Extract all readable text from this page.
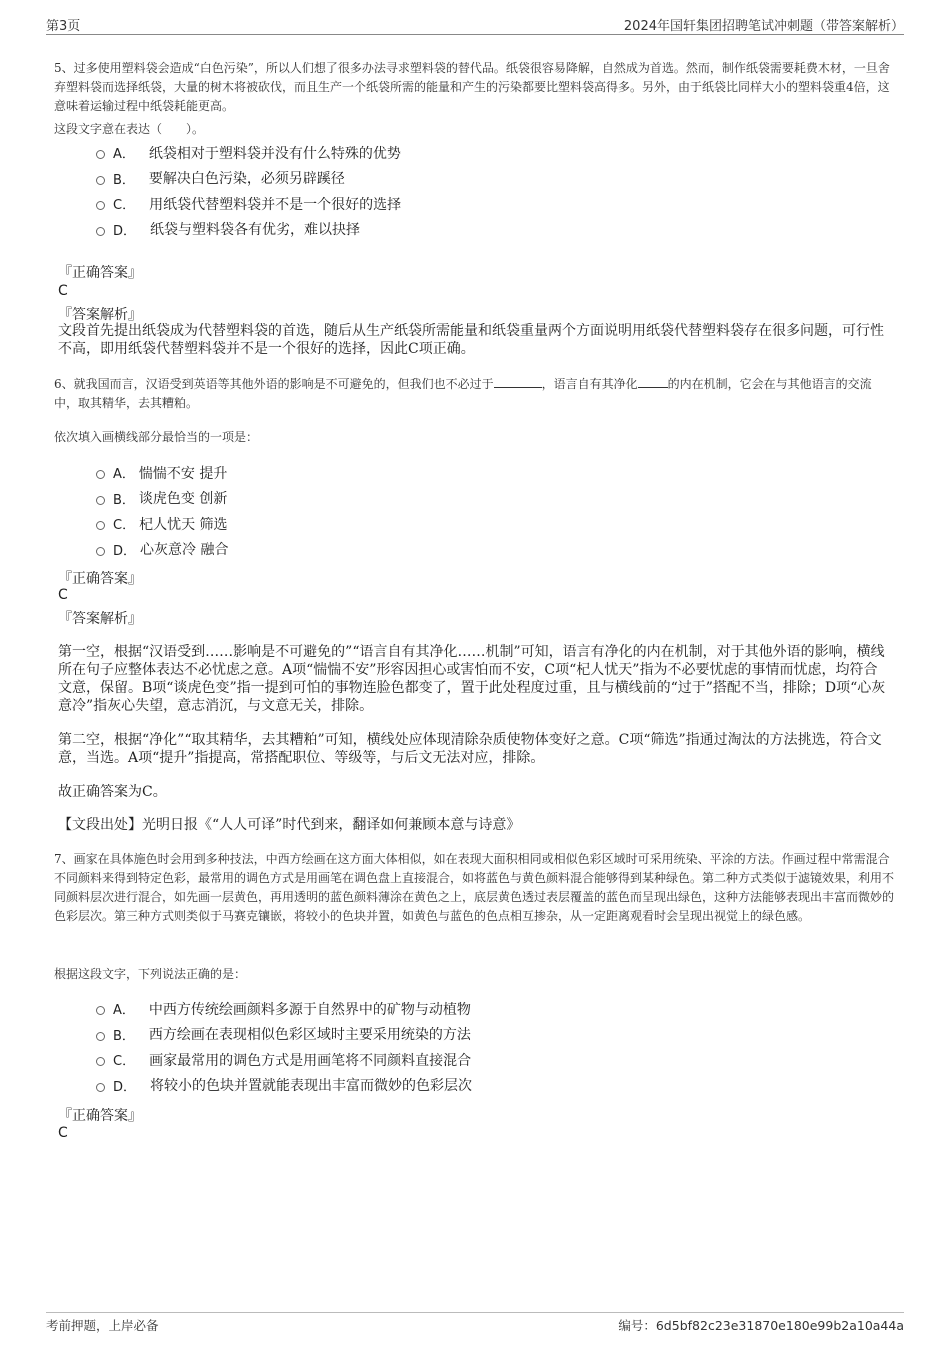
第3页	2024年国轩集团招聘笔试冲刺题（带答案解析）
5、过多使用塑料袋会造成“白色污染”，所以人们想了很多办法寻求塑料袋的替代品。纸袋很容易降解，自然成为首选。然而，制作纸袋需要耗费木材，一旦舍弃塑料袋而选择纸袋，大量的树木将被砍伐，而且生产一个纸袋所需的能量和产生的污染都要比塑料袋高得多。另外，由于纸袋比同样大小的塑料袋重4倍，这意味着运输过程中纸袋耗能更高。
这段文字意在表达（　　）。
A． 纸袋相对于塑料袋并没有什么特殊的优势
B． 要解决白色污染，必须另辟蹊径
C． 用纸袋代替塑料袋并不是一个很好的选择
D． 纸袋与塑料袋各有优劣，难以抉择
『正确答案』
C
『答案解析』
文段首先提出纸袋成为代替塑料袋的首选，随后从生产纸袋所需能量和纸袋重量两个方面说明用纸袋代替塑料袋存在很多问题，可行性不高，即用纸袋代替塑料袋并不是一个很好的选择，因此C项正确。
6、就我国而言，汉语受到英语等其他外语的影响是不可避免的，但我们也不必过于	，语言自有其净化	的内在机制，它会在与其他语言的交流中，取其精华，去其糟粕。
依次填入画横线部分最恰当的一项是：
A． 惴惴不安 提升
B． 谈虎色变 创新
C． 杞人忧天 筛选
D． 心灰意冷 融合
『正确答案』
C
『答案解析』
第一空，根据“汉语受到……影响是不可避免的”“语言自有其净化……机制”可知，语言有净化的内在机制，对于其他外语的影响，横线所在句子应整体表达不必忧虑之意。A项“惴惴不安”形容因担心或害怕而不安，C项“杞人忧天”指为不必要忧虑的事情而忧虑，均符合文意，保留。B项“谈虎色变”指一提到可怕的事物连脸色都变了，置于此处程度过重，且与横线前的“过于”搭配不当，排除；D项“心灰意冷”指灰心失望，意志消沉，与文意无关，排除。
第二空，根据“净化”“取其精华，去其糟粕”可知，横线处应体现清除杂质使物体变好之意。C项“筛选”指通过淘汰的方法挑选，符合文意，当选。A项“提升”指提高，常搭配职位、等级等，与后文无法对应，排除。
故正确答案为C。
【文段出处】光明日报《“人人可译”时代到来，翻译如何兼顾本意与诗意》
7、画家在具体施色时会用到多种技法，中西方绘画在这方面大体相似，如在表现大面积相同或相似色彩区域时可采用统染、平涂的方法。作画过程中常需混合不同颜料来得到特定色彩，最常用的调色方式是用画笔在调色盘上直接混合，如将蓝色与黄色颜料混合能够得到某种绿色。第二种方式类似于滤镜效果，利用不同颜料层次进行混合，如先画一层黄色，再用透明的蓝色颜料薄涂在黄色之上，底层黄色透过表层覆盖的蓝色而呈现出绿色，这种方法能够表现出丰富而微妙的色彩层次。第三种方式则类似于马赛克镶嵌，将较小的色块并置，如黄色与蓝色的色点相互掺杂，从一定距离观看时会呈现出视觉上的绿色感。
根据这段文字，下列说法正确的是：
A． 中西方传统绘画颜料多源于自然界中的矿物与动植物
B． 西方绘画在表现相似色彩区域时主要采用统染的方法
C． 画家最常用的调色方式是用画笔将不同颜料直接混合
D． 将较小的色块并置就能表现出丰富而微妙的色彩层次
『正确答案』
C
考前押题，上岸必备	编号：6d5bf82c23e31870e180e99b2a10a44a
